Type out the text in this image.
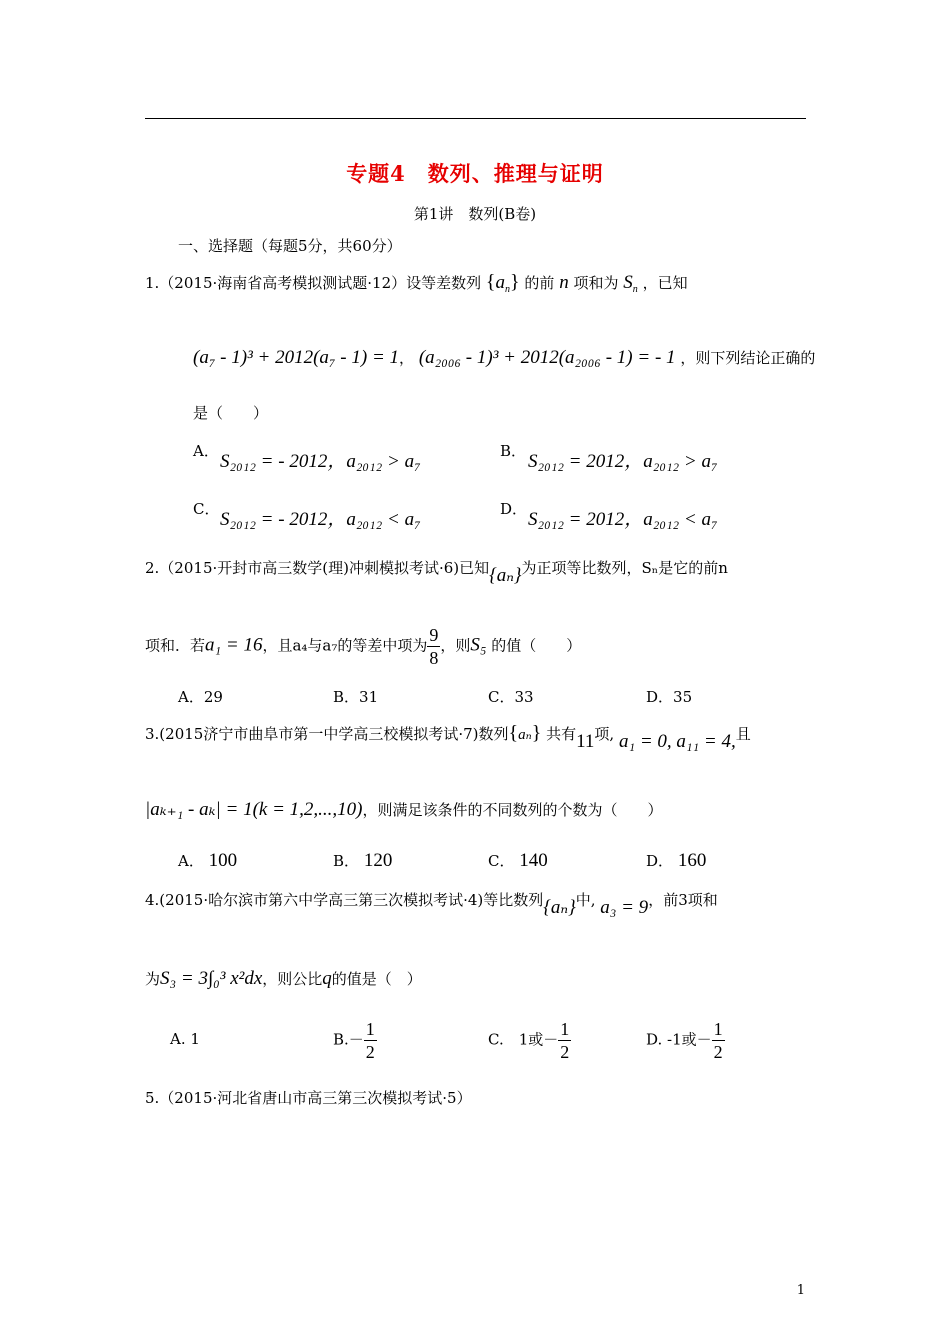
专题4　数列、推理与证明
第1讲　数列(B卷)
一、选择题（每题5分，共60分）
1.（2015·海南省高考模拟测试题·12）设等差数列 $\{a_n\}$ 的前 n 项和为 $S_n$ ，已知
(a₇ - 1)³ + 2012(a₇ - 1) = 1， (a₂₀₀₆ - 1)³ + 2012(a₂₀₀₆ - 1) = - 1 ，则下列结论正确的
是（　　）
A． S₂₀₁₂ = - 2012，a₂₀₁₂ > a₇	B． S₂₀₁₂ = 2012，a₂₀₁₂ > a₇
C． S₂₀₁₂ = - 2012，a₂₀₁₂ < a₇	D． S₂₀₁₂ = 2012，a₂₀₁₂ < a₇
2.（2015·开封市高三数学(理)冲刺模拟考试·6)已知{aₙ}为正项等比数列，Sₙ是它的前n
项和．若a₁ = 16，且a₄与a₇的等差中项为 $\frac{9}{8}$ ，则S₅ 的值（　　）
A．29	B．31	C．33	D．35
3.(2015济宁市曲阜市第一中学高三校模拟考试·7)数列{aₙ} 共有11项, a₁ = 0, a₁₁ = 4,且
|aₖ₊₁ - aₖ| = 1(k = 1,2,...,10)，则满足该条件的不同数列的个数为（　　）
A． 100	B． 120	C． 140	D． 160
4.(2015·哈尔滨市第六中学高三第三次模拟考试·4)等比数列{aₙ}中, a₃ = 9，前3项和
为S₃ = 3∫₀³ x²dx，则公比q的值是（　）
A. 1	$B.- \frac{1}{2}$	C.　 1或－ $\frac{1}{2}$	D. -1或－ $\frac{1}{2}$
5.（2015·河北省唐山市高三第三次模拟考试·5）
1
